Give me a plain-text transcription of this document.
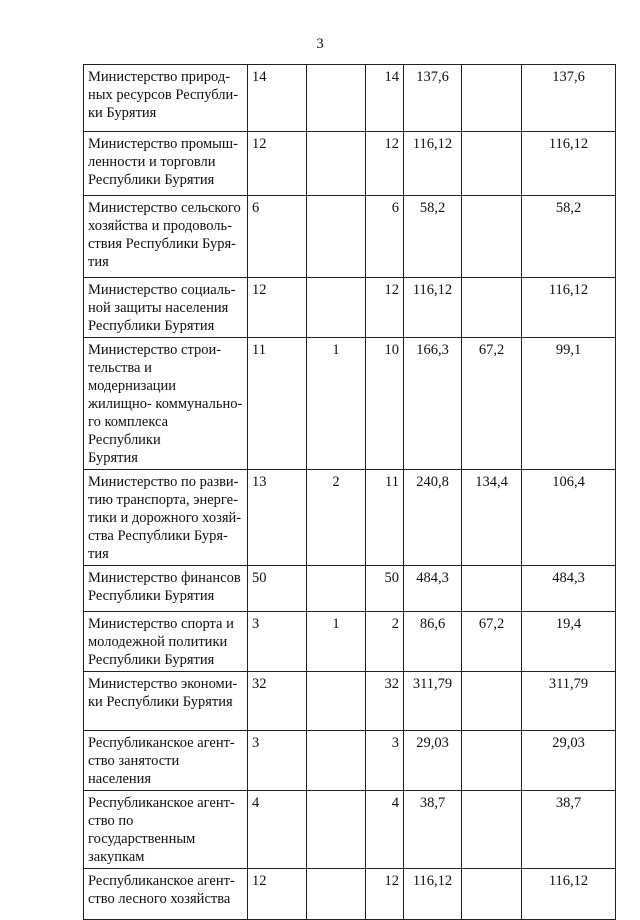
3
Министерство природ-
ных ресурсов Республи-
ки Бурятия	14		14	137,6		137,6
Министерство промыш-
ленности и торговли
Республики Бурятия	12		12	116,12		116,12
Министерство сельского
хозяйства и продоволь-
ствия Республики Буря-
тия	6		6	58,2		58,2
Министерство социаль-
ной защиты населения
Республики Бурятия	12		12	116,12		116,12
Министерство строи-
тельства и модернизации
жилищно- коммунально-
го комплекса Республики
Бурятия	11	1	10	166,3	67,2	99,1
Министерство по разви-
тию транспорта, энерге-
тики и дорожного хозяй-
ства Республики Буря-
тия	13	2	11	240,8	134,4	106,4
Министерство финансов
Республики Бурятия	50		50	484,3		484,3
Министерство спорта и
молодежной политики
Республики Бурятия	3	1	2	86,6	67,2	19,4
Министерство экономи-
ки Республики Бурятия	32		32	311,79		311,79
Республиканское агент-
ство занятости населения	3		3	29,03		29,03
Республиканское агент-
ство по государственным
закупкам	4		4	38,7		38,7
Республиканское агент-
ство лесного хозяйства	12		12	116,12		116,12
